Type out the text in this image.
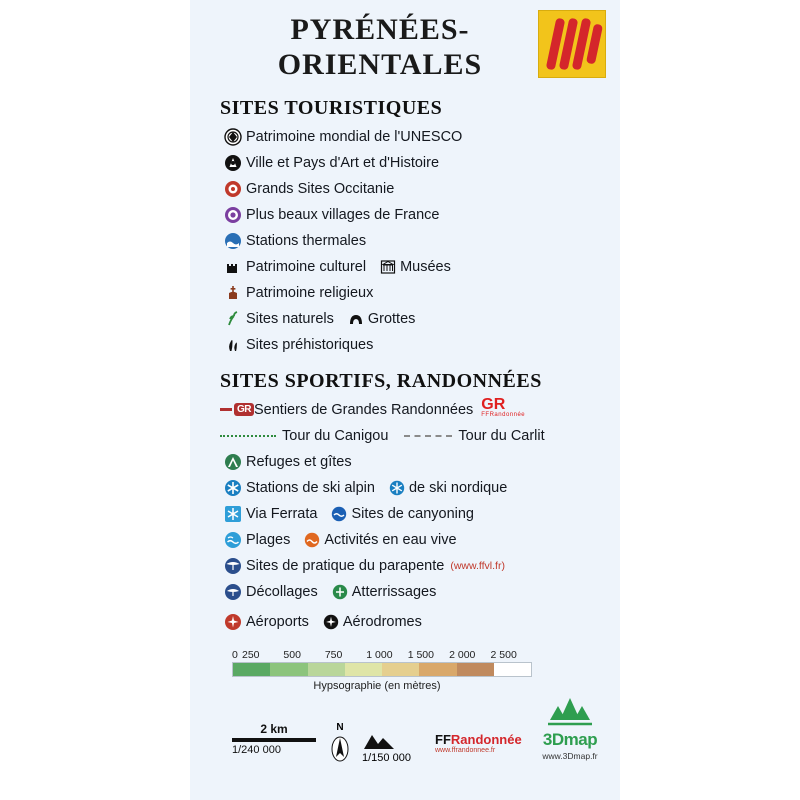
PYRÉNÉES-
ORIENTALES
SITES TOURISTIQUES
Patrimoine mondial de l'UNESCO
Ville et Pays d'Art et d'Histoire
Grands Sites Occitanie
Plus beaux villages de France
Stations thermales
Patrimoine culturel Musées
Patrimoine religieux
Sites naturels Grottes
Sites préhistoriques
SITES SPORTIFS, RANDONNÉES
GR Sentiers de Grandes Randonnées GR
FFRandonnée
Tour du Canigou	Tour du Carlit
Refuges et gîtes
Stations de ski alpin de ski nordique
Via Ferrata Sites de canyoning
Plages Activités en eau vive
Sites de pratique du parapente (www.ffvl.fr)
Décollages Atterrissages
Aéroports Aérodromes
0 250	500	750	1 000	1 500	2 000	2 500
Hypsographie (en mètres)
2 km
1/240 000
N
1/150 000
FFRandonnée
www.ffrandonnee.fr
3Dmap
www.3Dmap.fr
